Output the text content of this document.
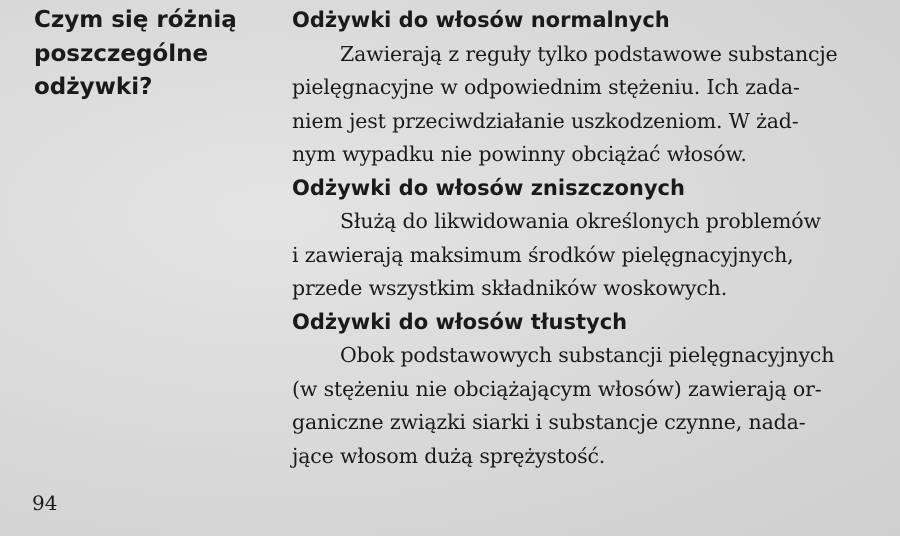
Czym się różnią
poszczególne
odżywki?
Odżywki do włosów normalnych

Zawierają z reguły tylko podstawowe substancje
pielęgnacyjne w odpowiednim stężeniu. Ich zada-
niem jest przeciwdziałanie uszkodzeniom. W żad-
nym wypadku nie powinny obciążać włosów.

Odżywki do włosów zniszczonych

Służą do likwidowania określonych problemów
i zawierają maksimum środków pielęgnacyjnych,
przede wszystkim składników woskowych.

Odżywki do włosów tłustych

Obok podstawowych substancji pielęgnacyjnych
(w stężeniu nie obciążającym włosów) zawierają or-
ganiczne związki siarki i substancje czynne, nada-
jące włosom dużą sprężystość.

94
